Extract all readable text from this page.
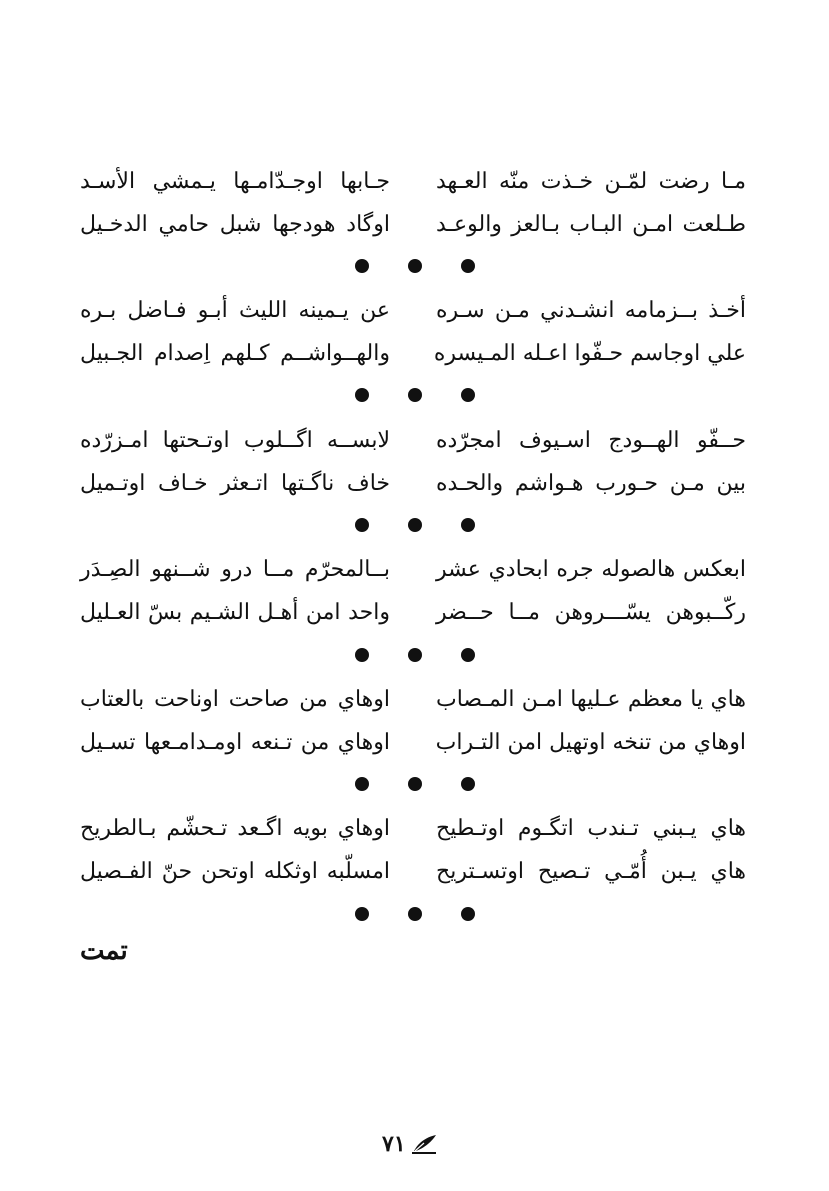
مـا رضت لمّـن خـذت منّه العـهد
جـابها اوجـدّامـها يـمشي الأسـد
طـلعت امـن البـاب بـالعز والوعـد
اوگاد هودجها شبل حامي الدخـيل
أخـذ بــزمامه انشـدني مـن سـره
عن يـمينه الليث أبـو فـاضل بـره
علي اوجاسم حـفّوا اعـله المـيسره
والهــواشــم كـلهم اِصدام الجـبيل
حــفّو الهــودج اسـيوف امجرّده
لابســه اگــلوب اوتـحتها امـزرّده
بين مـن حـورب هـواشم والحـده
خاف ناگـتها اتـعثر خـاف اوتـميل
ابعكس هالصوله جره ابحادي عشر
بــالمحرّم مــا درو شــنهو الصِـدَر
ركّــبوهن يسّـــروهن مــا حــضر
واحد امن أهـل الشـيم بسّ العـليل
هاي يا معظم عـليها امـن المـصاب
اوهاي من صاحت اوناحت بالعتاب
اوهاي من تنخه اوتهيل امن التـراب
اوهاي من تـنعه اومـدامـعها تسـيل
هاي يـبني تـندب اتگـوم اوتـطيح
اوهاي بويه اگـعد تـحشّم بـالطريح
هاي يـبن أُمّـي تـصيح اوتسـتريح
امسلّبه اوثكله اوتحن حنّ الفـصيل
تمت
٧١
